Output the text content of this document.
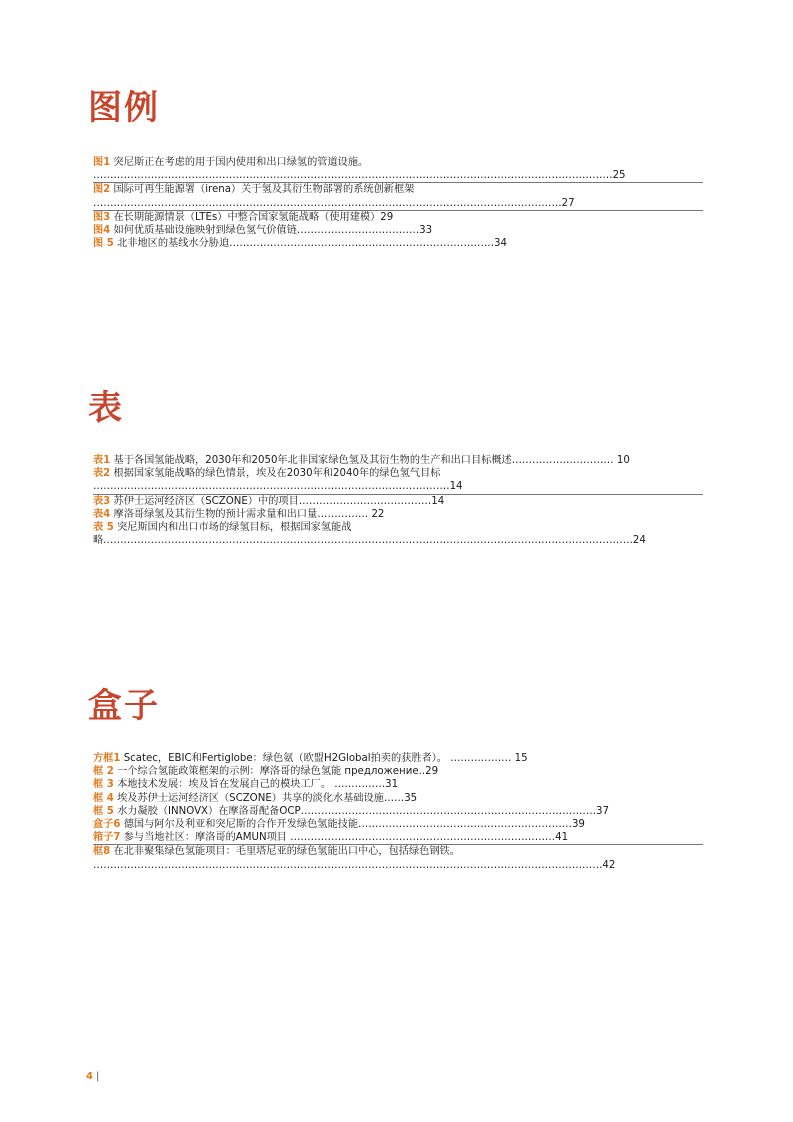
图例
图1 突尼斯正在考虑的用于国内使用和出口绿氢的管道设施。 ………………………………………………………………………………………………………………………………………25
图2 国际可再生能源署（irena）关于氢及其衍生物部署的系统创新框架 …………………………………………………………………………………………………………………………27
图3 在长期能源情景（LTEs）中整合国家氢能战略（使用建模）29
图4 如何优质基础设施映射到绿色氢气价值链………………………………33
图 5 北非地区的基线水分胁迫……………………………………………………………………34
表
表1 基于各国氢能战略，2030年和2050年北非国家绿色氢及其衍生物的生产和出口目标概述………………………… 10
表2 根据国家氢能战略的绿色情景，埃及在2030年和2040年的绿色氢气目标 ……………………………………………………………………………………………14
表3 苏伊士运河经济区（SCZONE）中的项目…………………………………14
表4 摩洛哥绿氢及其衍生物的预计需求量和出口量…………… 22
表 5 突尼斯国内和出口市场的绿氢目标，根据国家氢能战略…………………………………………………………………………………………………………………………………………24
盒子
方框1 Scatec，EBIC和Fertiglobe：绿色氨（欧盟H2Global拍卖的获胜者）。 ……………… 15
框 2 一个综合氢能政策框架的示例：摩洛哥的绿色氢能 предложение..29
框 3 本地技术发展：埃及旨在发展自己的模块工厂。 ……………31
框 4 埃及苏伊士运河经济区（SCZONE）共享的淡化水基础设施……35
框 5 水力凝胶（INNOVX）在摩洛哥配备OCP……………………………………………………………………………37
盒子6 德国与阿尔及利亚和突尼斯的合作开发绿色氢能技能………………………………………………………39
箱子7 参与当地社区：摩洛哥的AMUN项目 ……………………………………………………………………41
框8 在北非聚集绿色氢能项目：毛里塔尼亚的绿色氢能出口中心，包括绿色钢铁。 ……………………………………………………………………………………………………………………………………42
4 |
